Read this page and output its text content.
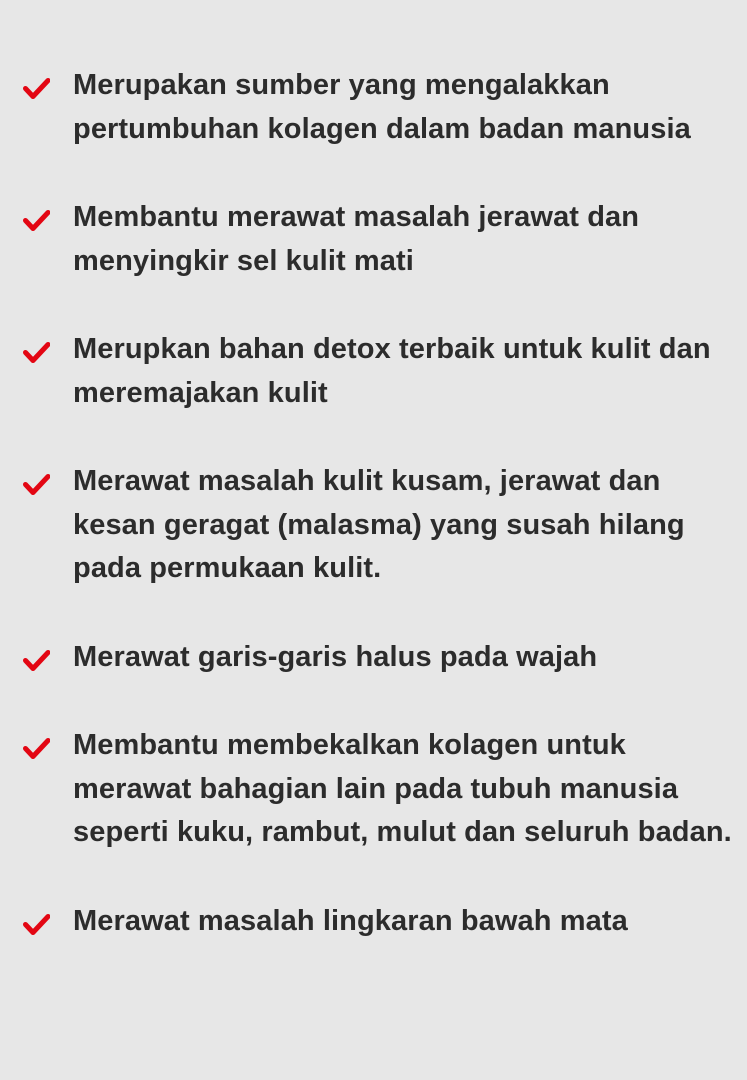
Merupakan sumber yang mengalakkan pertumbuhan kolagen dalam badan manusia
Membantu merawat masalah jerawat dan menyingkir sel kulit mati
Merupkan bahan detox terbaik untuk kulit dan meremajakan kulit
Merawat masalah kulit kusam, jerawat dan kesan geragat (malasma) yang susah hilang pada permukaan kulit.
Merawat garis-garis halus pada wajah
Membantu membekalkan kolagen untuk merawat bahagian lain pada tubuh manusia seperti kuku, rambut, mulut dan seluruh badan.
Merawat masalah lingkaran bawah mata
